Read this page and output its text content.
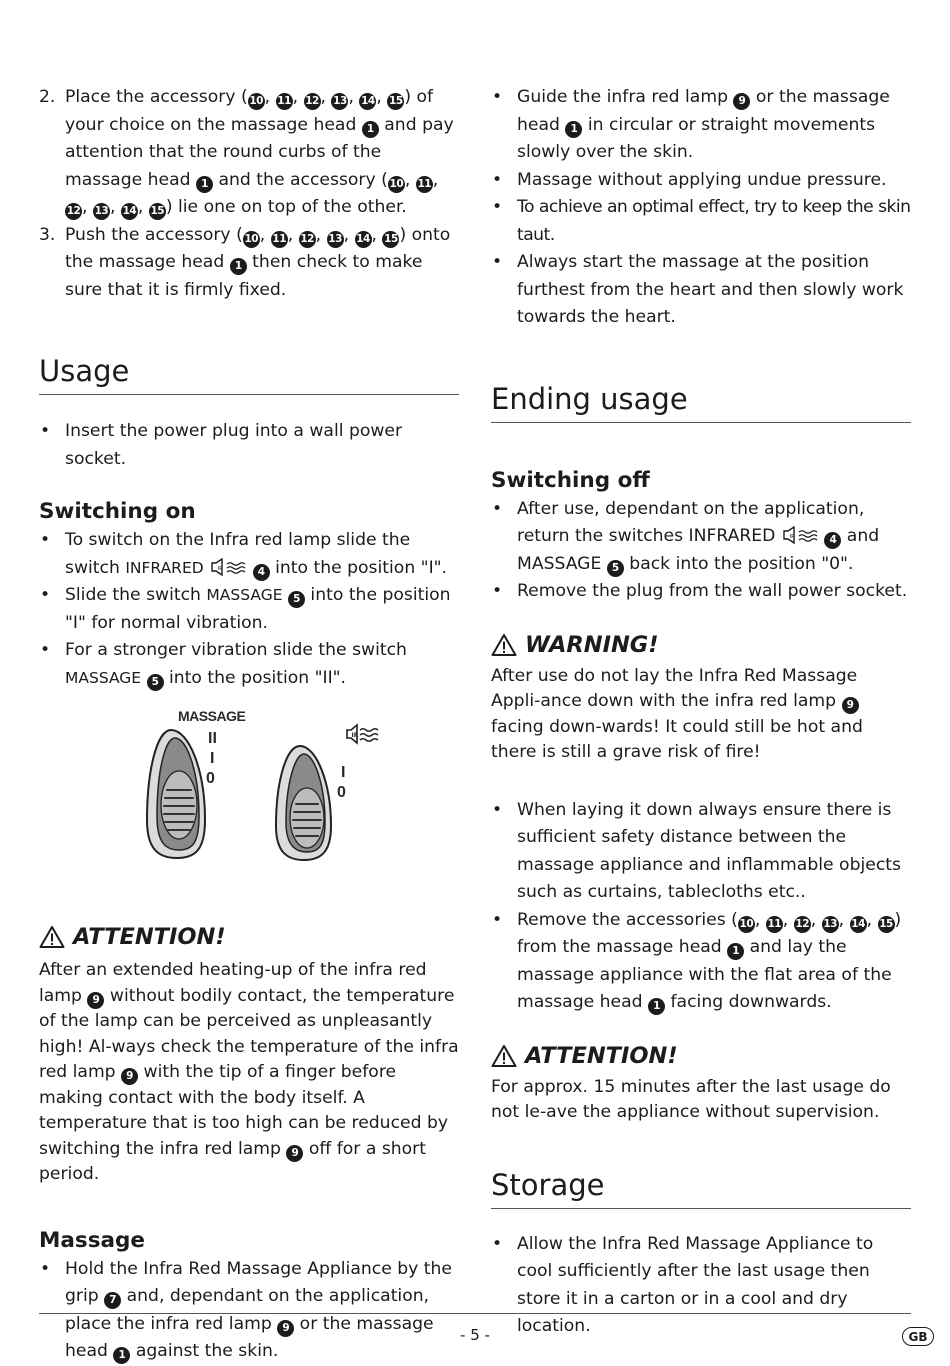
2. Place the accessory ( 10, 11, 12, 13, 14, 15) of your choice on the massage head 1 and pay attention that the round curbs of the massage head 1 and the accessory ( 10, 11, 12, 13, 14, 15) lie one on top of the other.
3. Push the accessory ( 10, 11, 12, 13, 14, 15) onto the massage head 1 then check to make sure that it is firmly fixed.
Usage
• Insert the power plug into a wall power socket.
Switching on
• To switch on the Infra red lamp slide the switch INFRARED	IR	4 into the position "I".
• Slide the switch MASSAGE 5 into the position "I" for normal vibration.
• For a stronger vibration slide the switch MASSAGE 5 into the position "II".
MASSAGE
II
I
0
IR
I
0
ATTENTION!

After an extended heating-up of the infra red lamp 9 without bodily contact, the temperature of the lamp can be perceived as unpleasantly high! Al-ways check the temperature of the infra red lamp 9 with the tip of a finger before making contact with the body itself. A temperature that is too high can be reduced by switching the infra red lamp 9 off for a short period.

Massage
• Hold the Infra Red Massage Appliance by the grip 7 and, dependant on the application, place the infra red lamp 9 or the massage head 1 against the skin.
• Guide the infra red lamp 9 or the massage head 1 in circular or straight movements slowly over the skin.
• Massage without applying undue pressure.
• To achieve an optimal effect, try to keep the skin taut.
• Always start the massage at the position furthest from the heart and then slowly work towards the heart.
Ending usage
Switching off
• After use, dependant on the application, return the switches INFRARED IR	4 and MASSAGE 5 back into the position "0".
• Remove the plug from the wall power socket.
WARNING!

After use do not lay the Infra Red Massage Appli-ance down with the infra red lamp 9 facing down-wards! It could still be hot and there is still a grave risk of fire!

• When laying it down always ensure there is sufficient safety distance between the massage appliance and inflammable objects such as curtains, tablecloths etc..
• Remove the accessories ( 10, 11, 12, 13, 14, 15) from the massage head 1 and lay the massage appliance with the flat area of the massage head 1 facing downwards.
ATTENTION!

For approx. 15 minutes after the last usage do not le-ave the appliance without supervision.

Storage
• Allow the Infra Red Massage Appliance to cool sufficiently after the last usage then store it in a carton or in a cool and dry location.
- 5 -	GB
